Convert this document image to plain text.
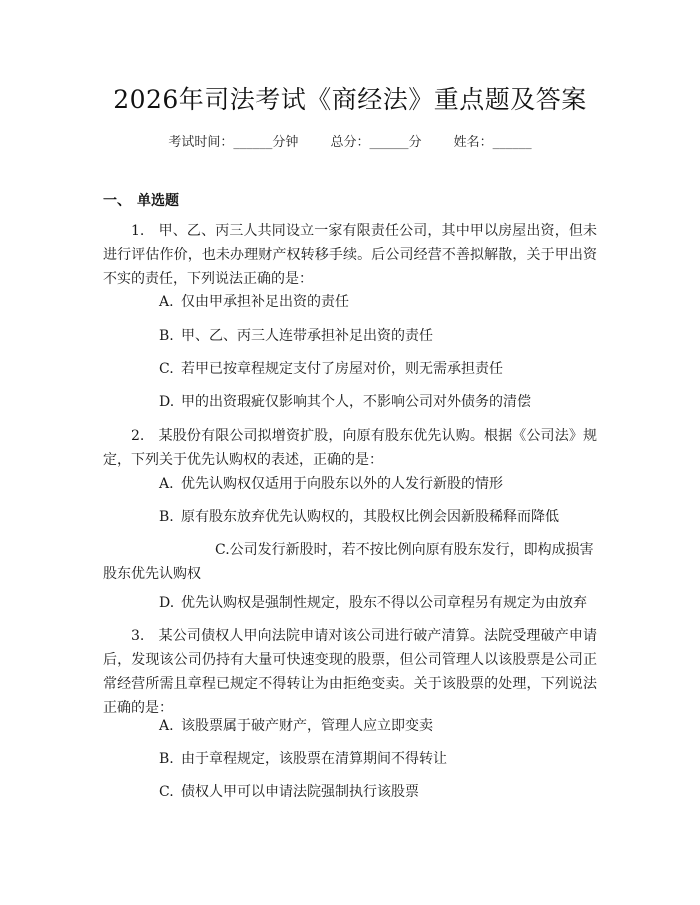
2026年司法考试《商经法》重点题及答案
考试时间：______分钟 总分：______分 姓名：______
一、 单选题
1.　甲、乙、丙三人共同设立一家有限责任公司，其中甲以房屋出资，但未进行评估作价，也未办理财产权转移手续。后公司经营不善拟解散，关于甲出资不实的责任，下列说法正确的是：
A. 仅由甲承担补足出资的责任
B. 甲、乙、丙三人连带承担补足出资的责任
C. 若甲已按章程规定支付了房屋对价，则无需承担责任
D. 甲的出资瑕疵仅影响其个人，不影响公司对外债务的清偿
2.　某股份有限公司拟增资扩股，向原有股东优先认购。根据《公司法》规定，下列关于优先认购权的表述，正确的是：
A. 优先认购权仅适用于向股东以外的人发行新股的情形
B. 原有股东放弃优先认购权的，其股权比例会因新股稀释而降低
C.公司发行新股时，若不按比例向原有股东发行，即构成损害股东优先认购权
D. 优先认购权是强制性规定，股东不得以公司章程另有规定为由放弃
3.　某公司债权人甲向法院申请对该公司进行破产清算。法院受理破产申请后，发现该公司仍持有大量可快速变现的股票，但公司管理人以该股票是公司正常经营所需且章程已规定不得转让为由拒绝变卖。关于该股票的处理，下列说法正确的是：
A. 该股票属于破产财产，管理人应立即变卖
B. 由于章程规定，该股票在清算期间不得转让
C. 债权人甲可以申请法院强制执行该股票
